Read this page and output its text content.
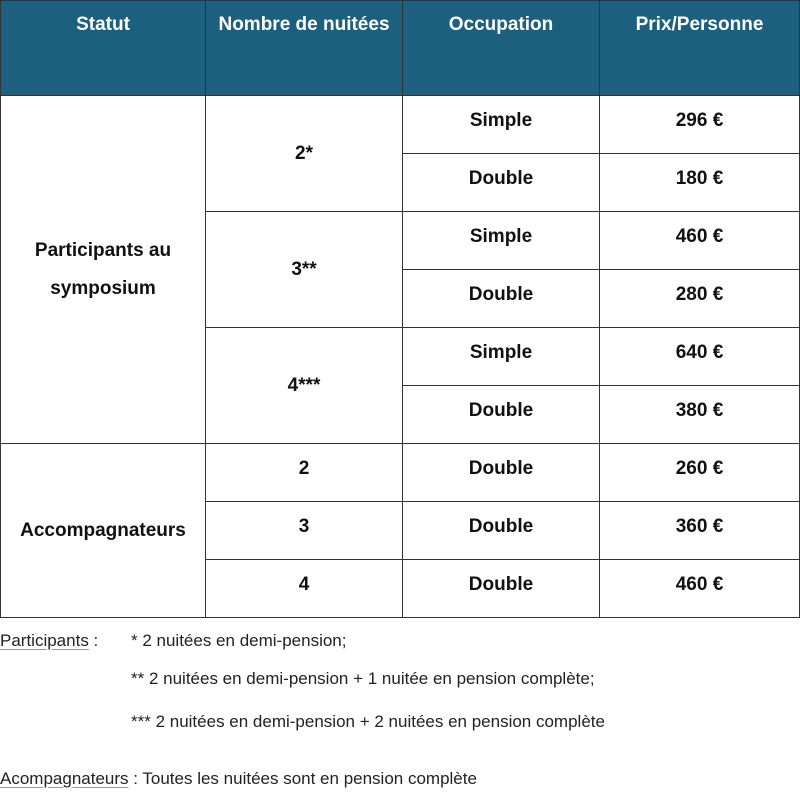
Statut	Nombre de nuitées	Occupation	Prix/Personne
Participants au symposium	2*	Simple	296 €
		Double	180 €
	3**	Simple	460 €
		Double	280 €
	4***	Simple	640 €
		Double	380 €
Accompagnateurs	2	Double	260 €
	3	Double	360 €
	4	Double	460 €
Participants : * 2 nuitées en demi-pension;
** 2 nuitées en demi-pension + 1 nuitée en pension complète;
*** 2 nuitées en demi-pension + 2 nuitées en pension complète
Acompagnateurs : Toutes les nuitées sont en pension complète
